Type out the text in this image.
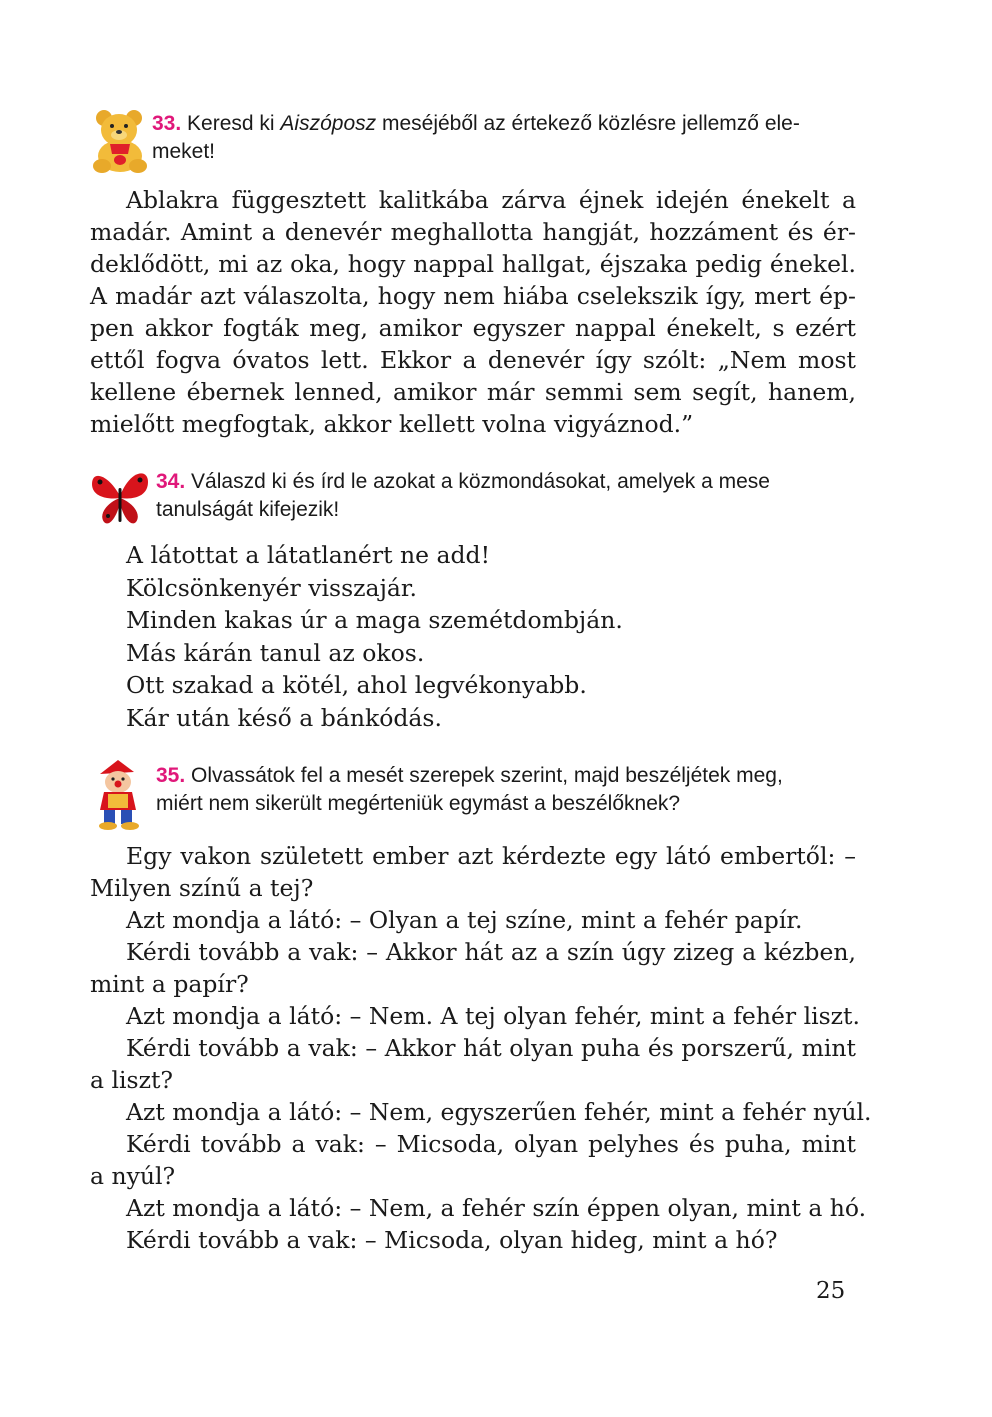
33. Keresd ki Aiszóposz meséjéből az értekező közlésre jellemző ele-
meket!
Ablakra függesztett kalitkába zárva éjnek idején énekelt a
madár. Amint a denevér meghallotta hangját, hozzáment és ér-
deklődött, mi az oka, hogy nappal hallgat, éjszaka pedig énekel.
A madár azt válaszolta, hogy nem hiába cselekszik így, mert ép-
pen akkor fogták meg, amikor egyszer nappal énekelt, s ezért
ettől fogva óvatos lett. Ekkor a denevér így szólt: „Nem most
kellene ébernek lenned, amikor már semmi sem segít, hanem,
mielőtt megfogtak, akkor kellett volna vigyáznod.”
34. Válaszd ki és írd le azokat a közmondásokat, amelyek a mese
tanulságát kifejezik!
A látottat a látatlanért ne add!
Kölcsönkenyér visszajár.
Minden kakas úr a maga szemétdombján.
Más kárán tanul az okos.
Ott szakad a kötél, ahol legvékonyabb.
Kár után késő a bánkódás.
35. Olvassátok fel a mesét szerepek szerint, majd beszéljétek meg,
miért nem sikerült megérteniük egymást a beszélőknek?
Egy vakon született ember azt kérdezte egy látó embertől: –
Milyen színű a tej?
Azt mondja a látó: – Olyan a tej színe, mint a fehér papír.
Kérdi tovább a vak: – Akkor hát az a szín úgy zizeg a kézben,
mint a papír?
Azt mondja a látó: – Nem. A tej olyan fehér, mint a fehér liszt.
Kérdi tovább a vak: – Akkor hát olyan puha és porszerű, mint
a liszt?
Azt mondja a látó: – Nem, egyszerűen fehér, mint a fehér nyúl.
Kérdi tovább a vak: – Micsoda, olyan pelyhes és puha, mint
a nyúl?
Azt mondja a látó: – Nem, a fehér szín éppen olyan, mint a hó.
Kérdi tovább a vak: – Micsoda, olyan hideg, mint a hó?
25
